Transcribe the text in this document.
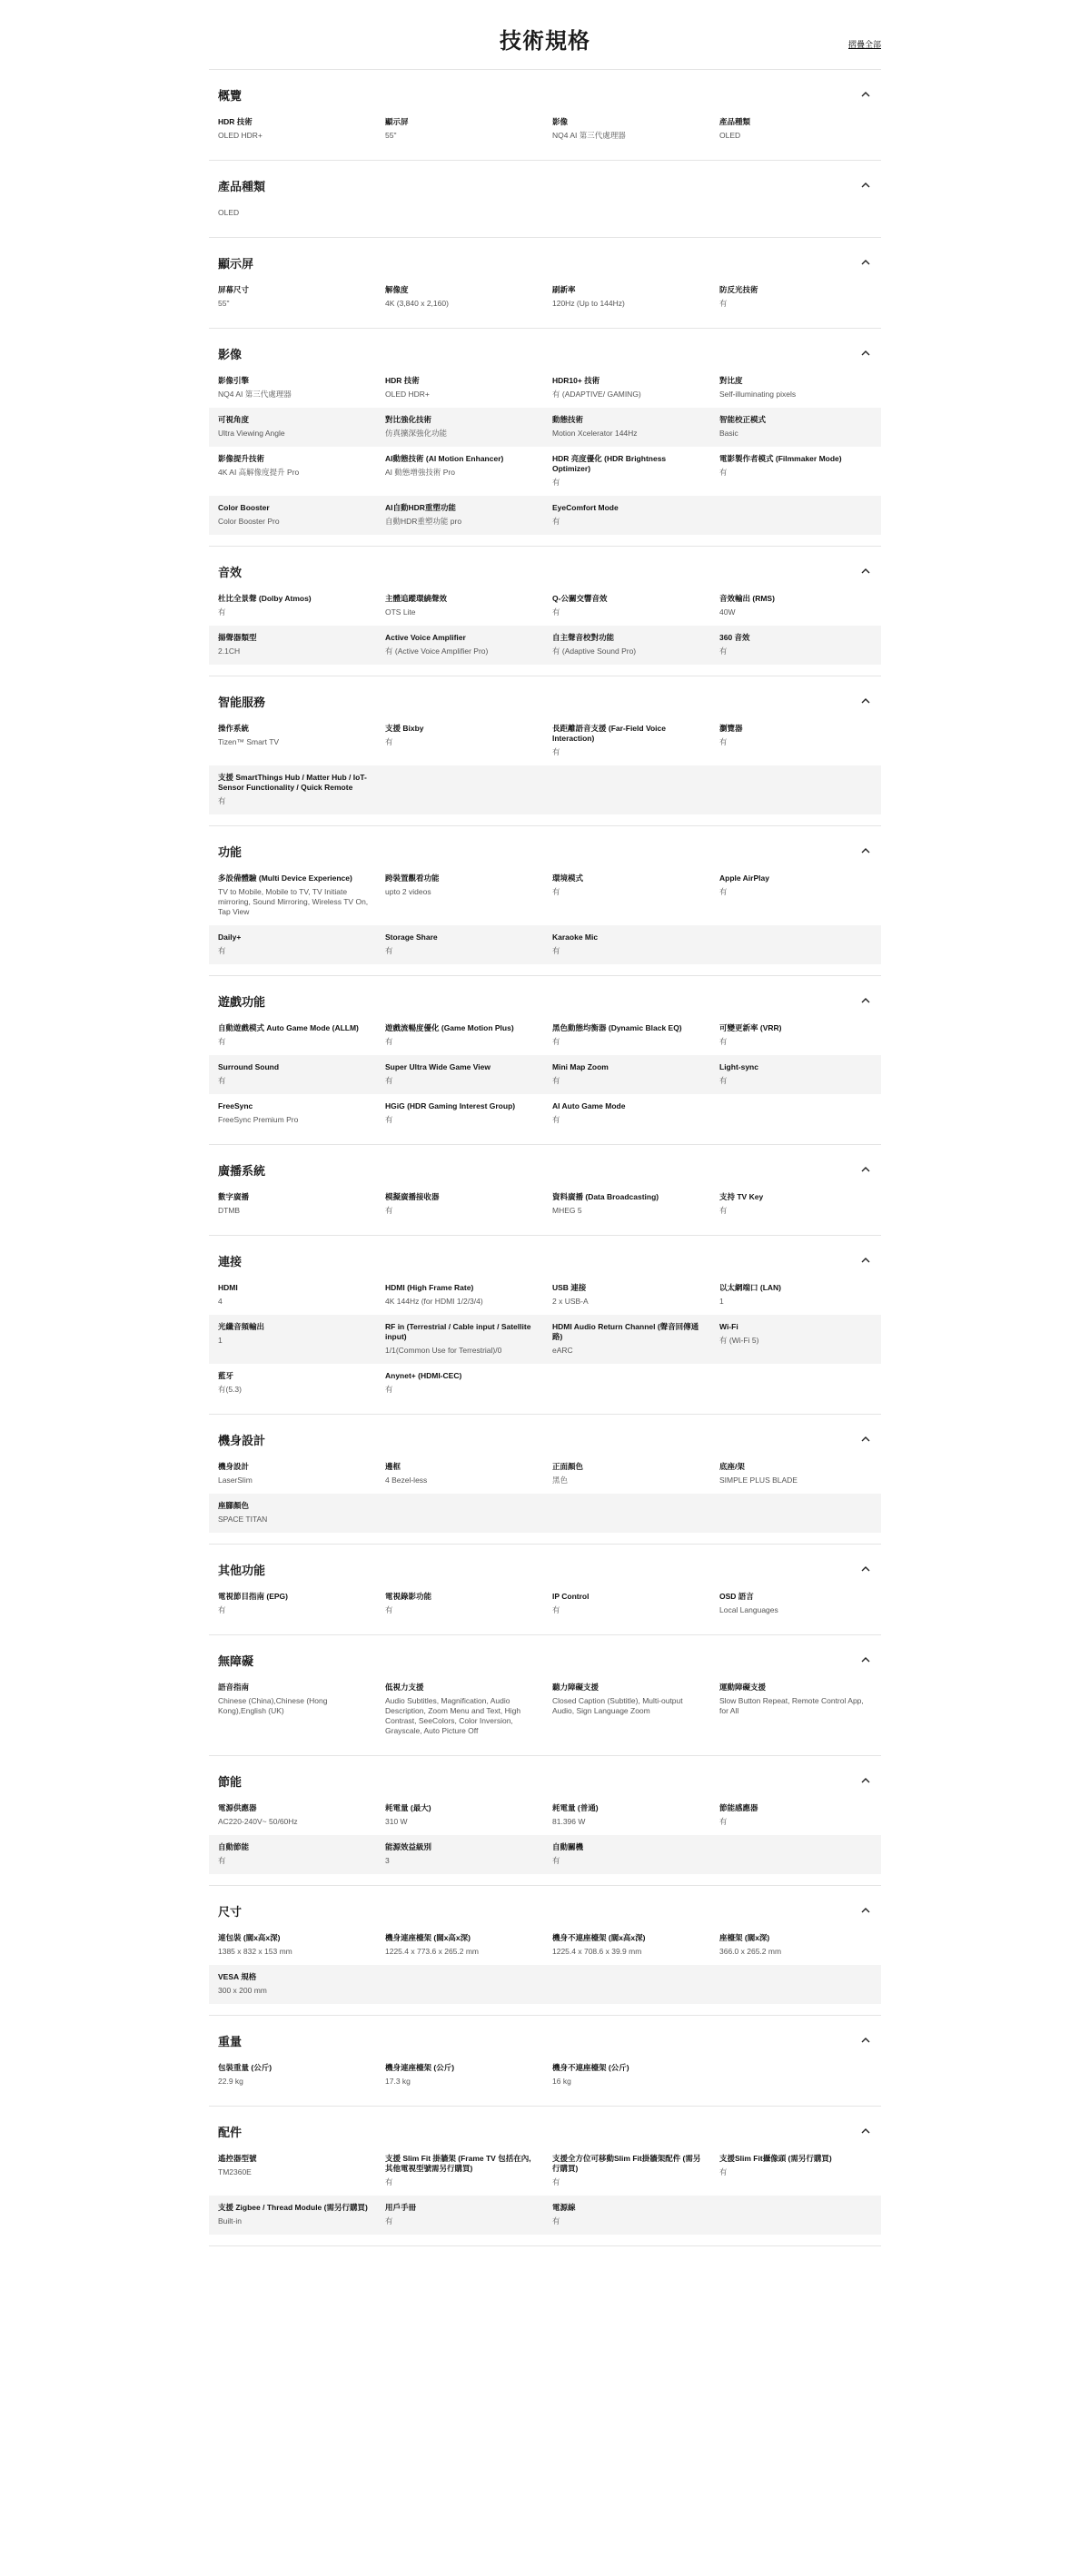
技術規格	摺疊全部
概覽
HDR 技術
OLED HDR+
顯示屏
55"
影像
NQ4 AI 第三代處理器
產品種類
OLED
產品種類
OLED
顯示屏
屏幕尺寸
55"
解像度
4K (3,840 x 2,160)
刷新率
120Hz (Up to 144Hz)
防反光技術
有
影像
影像引擎
NQ4 AI 第三代處理器
HDR 技術
OLED HDR+
HDR10+ 技術
有 (ADAPTIVE/ GAMING)
對比度
Self-illuminating pixels
可視角度
Ultra Viewing Angle
對比強化技術
仿真擴深強化功能
動態技術
Motion Xcelerator 144Hz
智能校正模式
Basic
影像提升技術
4K AI 高解像度提升 Pro
AI動態技術 (AI Motion Enhancer)
AI 動態增強技術 Pro
HDR 亮度優化 (HDR Brightness Optimizer)
有
電影製作者模式 (Filmmaker Mode)
有
Color Booster
Color Booster Pro
AI自動HDR重塑功能
自動HDR重塑功能 pro
EyeComfort Mode
有
音效
杜比全景聲 (Dolby Atmos)
有
主體追蹤環繞聲效
OTS Lite
Q-公關交響音效
有
音效輸出 (RMS)
40W
揚聲器類型
2.1CH
Active Voice Amplifier
有 (Active Voice Amplifier Pro)
自主聲音校對功能
有 (Adaptive Sound Pro)
360 音效
有
智能服務
操作系統
Tizen™ Smart TV
支援 Bixby
有
長距離語音支援 (Far-Field Voice Interaction)
有
瀏覽器
有
支援 SmartThings Hub / Matter Hub / IoT-Sensor Functionality / Quick Remote
有
功能
多設備體驗 (Multi Device Experience)
TV to Mobile, Mobile to TV, TV Initiate mirroring, Sound Mirroring, Wireless TV On, Tap View
跨裝置觀看功能
upto 2 videos
環境模式
有
Apple AirPlay
有
Daily+
有
Storage Share
有
Karaoke Mic
有
遊戲功能
自動遊戲模式 Auto Game Mode (ALLM)
有
遊戲流暢度優化 (Game Motion Plus)
有
黑色動態均衡器 (Dynamic Black EQ)
有
可變更新率 (VRR)
有
Surround Sound
有
Super Ultra Wide Game View
有
Mini Map Zoom
有
Light-sync
有
FreeSync
FreeSync Premium Pro
HGiG (HDR Gaming Interest Group)
有
AI Auto Game Mode
有
廣播系統
數字廣播
DTMB
模擬廣播接收器
有
資料廣播 (Data Broadcasting)
MHEG 5
支持 TV Key
有
連接
HDMI
4
HDMI (High Frame Rate)
4K 144Hz (for HDMI 1/2/3/4)
USB 連接
2 x USB-A
以太網端口 (LAN)
1
光纖音頻輸出
1
RF in (Terrestrial / Cable input / Satellite input)
1/1(Common Use for Terrestrial)/0
HDMI Audio Return Channel (聲音回傳通路)
eARC
Wi-Fi
有 (Wi-Fi 5)
藍牙
有(5.3)
Anynet+ (HDMI-CEC)
有
機身設計
機身設計
LaserSlim
邊框
4 Bezel-less
正面顏色
黑色
底座/架
SIMPLE PLUS BLADE
座腳顏色
SPACE TITAN
其他功能
電視節目指南 (EPG)
有
電視錄影功能
有
IP Control
有
OSD 語言
Local Languages
無障礙
語音指南
Chinese (China),Chinese (Hong Kong),English (UK)
低視力支援
Audio Subtitles, Magnification, Audio Description, Zoom Menu and Text, High Contrast, SeeColors, Color Inversion, Grayscale, Auto Picture Off
聽力障礙支援
Closed Caption (Subtitle), Multi-output Audio, Sign Language Zoom
運動障礙支援
Slow Button Repeat, Remote Control App, for All
節能
電源供應器
AC220-240V~ 50/60Hz
耗電量 (最大)
310 W
耗電量 (普通)
81.396 W
節能感應器
有
自動節能
有
能源效益級別
3
自動關機
有
尺寸
連包裝 (闊x高x深)
1385 x 832 x 153 mm
機身連座檯架 (闊x高x深)
1225.4 x 773.6 x 265.2 mm
機身不連座檯架 (闊x高x深)
1225.4 x 708.6 x 39.9 mm
座檯架 (闊x深)
366.0 x 265.2 mm
VESA 規格
300 x 200 mm
重量
包裝重量 (公斤)
22.9 kg
機身連座檯架 (公斤)
17.3 kg
機身不連座檯架 (公斤)
16 kg
配件
遙控器型號
TM2360E
支援 Slim Fit 掛牆架 (Frame TV 包括在內, 其他電視型號需另行購買)
有
支援全方位可移動Slim Fit掛牆架配件 (需另行購買)
有
支援Slim Fit攝像頭 (需另行購買)
有
支援 Zigbee / Thread Module (需另行購買)
Built-in
用戶手冊
有
電源線
有
